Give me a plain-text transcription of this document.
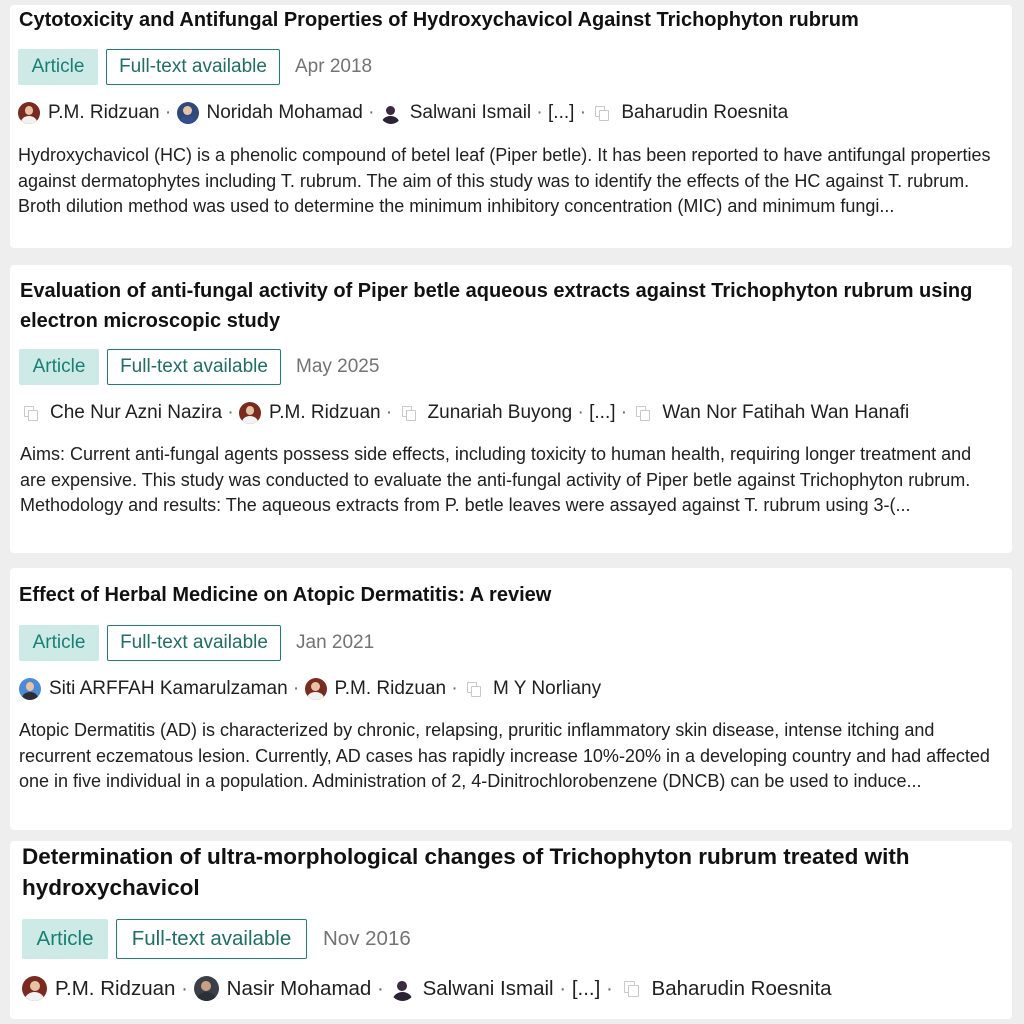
Cytotoxicity and Antifungal Properties of Hydroxychavicol Against Trichophyton rubrum
Article	Full-text available	Apr 2018
P.M. Ridzuan · Noridah Mohamad · Salwani Ismail · [...] · Baharudin Roesnita

Hydroxychavicol (HC) is a phenolic compound of betel leaf (Piper betle). It has been reported to have antifungal properties against dermatophytes including T. rubrum. The aim of this study was to identify the effects of the HC against T. rubrum. Broth dilution method was used to determine the minimum inhibitory concentration (MIC) and minimum fungi...

Evaluation of anti-fungal activity of Piper betle aqueous extracts against Trichophyton rubrum using electron microscopic study
Article	Full-text available	May 2025
Che Nur Azni Nazira · P.M. Ridzuan · Zunariah Buyong · [...] · Wan Nor Fatihah Wan Hanafi

Aims: Current anti-fungal agents possess side effects, including toxicity to human health, requiring longer treatment and are expensive. This study was conducted to evaluate the anti-fungal activity of Piper betle against Trichophyton rubrum. Methodology and results: The aqueous extracts from P. betle leaves were assayed against T. rubrum using 3-(...

Effect of Herbal Medicine on Atopic Dermatitis: A review
Article	Full-text available	Jan 2021
Siti ARFFAH Kamarulzaman · P.M. Ridzuan · M Y Norliany

Atopic Dermatitis (AD) is characterized by chronic, relapsing, pruritic inflammatory skin disease, intense itching and recurrent eczematous lesion. Currently, AD cases has rapidly increase 10%-20% in a developing country and had affected one in five individual in a population. Administration of 2, 4-Dinitrochlorobenzene (DNCB) can be used to induce...

Determination of ultra-morphological changes of Trichophyton rubrum treated with hydroxychavicol
Article	Full-text available	Nov 2016
P.M. Ridzuan · Nasir Mohamad · Salwani Ismail · [...] · Baharudin Roesnita
